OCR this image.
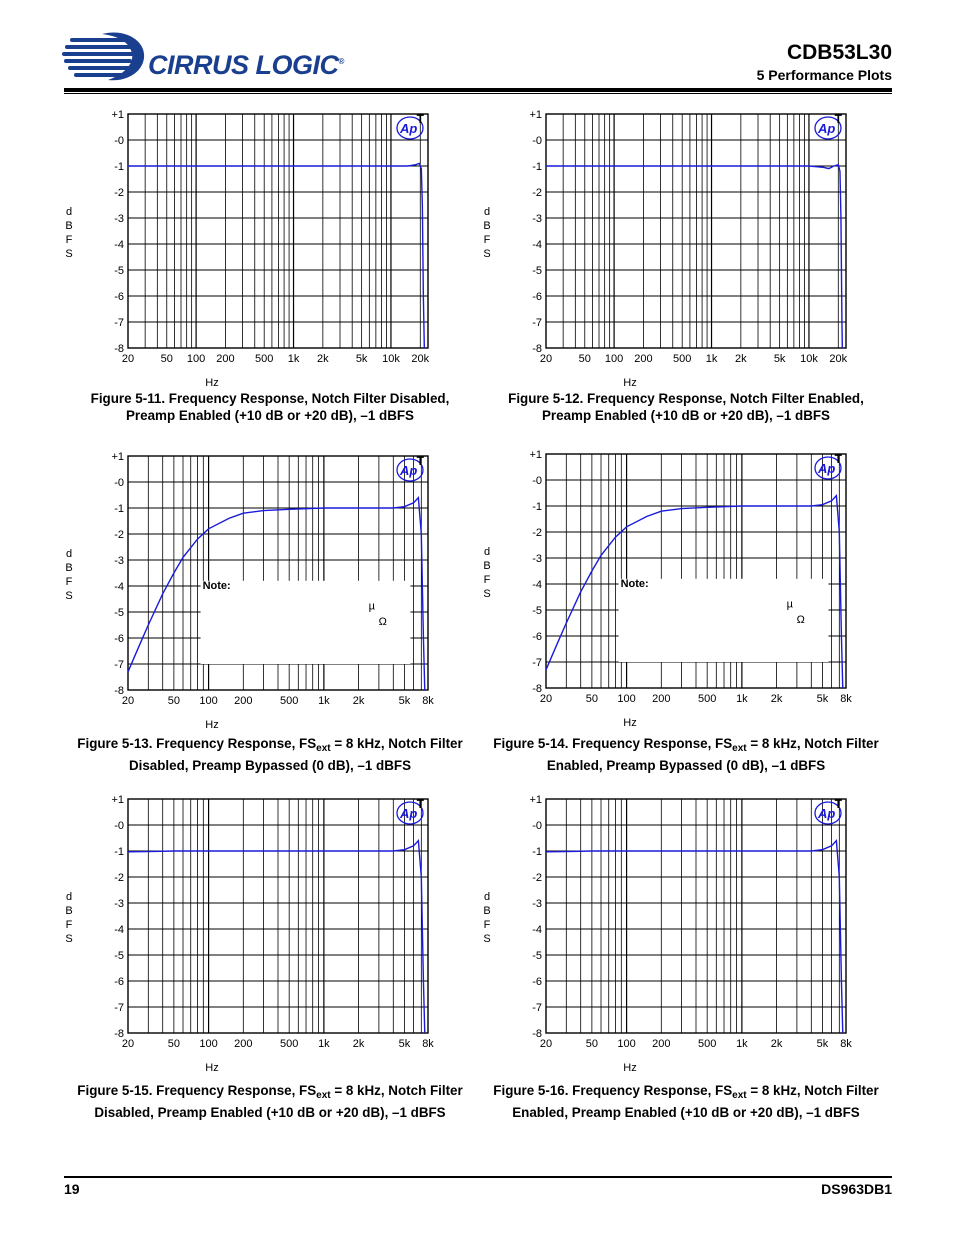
CIRRUS LOGIC®	CDB53L30
5 Performance Plots
+1
-0
-1
-2
-3
-4
-5
-6
-7
-8
20 50 100 200 500 1k 2k 5k 10k 20k
Hz
d
B
F
S
Ap
T	+1
-0
-1
-2
-3
-4
-5
-6
-7
-8
20 50 100 200 500 1k 2k 5k 10k 20k
Hz
d
B
F
S
Ap
T
+1
-0
-1
-2
-3
-4
-5
-6
-7
-8
20	50 100 200	500 1k 2k	5k 8k
Hz
d
B
F
S
Ap
T
Note:
µ
Ω
+1
-0
-1
-2
-3
-4
-5
-6
-7
-8
20	50 100 200	500 1k 2k	5k 8k
Hz
d
B
F
S
Ap
T
Note:
µ
Ω
+1
-0
-1
-2
-3
-4
-5
-6
-7
-8
20	50 100 200	500 1k 2k	5k 8k
Hz
d
B
F
S
Ap
T	+1
-0
-1
-2
-3
-4
-5
-6
-7
-8
20	50 100 200	500 1k 2k	5k 8k
Hz
d
B
F
S
Ap
T
Figure 5-11. Frequency Response, Notch Filter Disabled,
Preamp Enabled (+10 dB or +20 dB), –1 dBFS
Figure 5-12. Frequency Response, Notch Filter Enabled,
Preamp Enabled (+10 dB or +20 dB), –1 dBFS
Figure 5-13. Frequency Response, $FS_{ext} = 8$ kHz, Notch Filter
Disabled, Preamp Bypassed (0 dB), –1 dBFS
Figure 5-14. Frequency Response, $FS_{ext} = 8$ kHz, Notch Filter
Enabled, Preamp Bypassed (0 dB), –1 dBFS
Figure 5-15. Frequency Response, $FS_{ext} = 8$ kHz, Notch Filter
Disabled, Preamp Enabled (+10 dB or +20 dB), –1 dBFS
Figure 5-16. Frequency Response, $FS_{ext} = 8$ kHz, Notch Filter
Enabled, Preamp Enabled (+10 dB or +20 dB), –1 dBFS
19	DS963DB1
